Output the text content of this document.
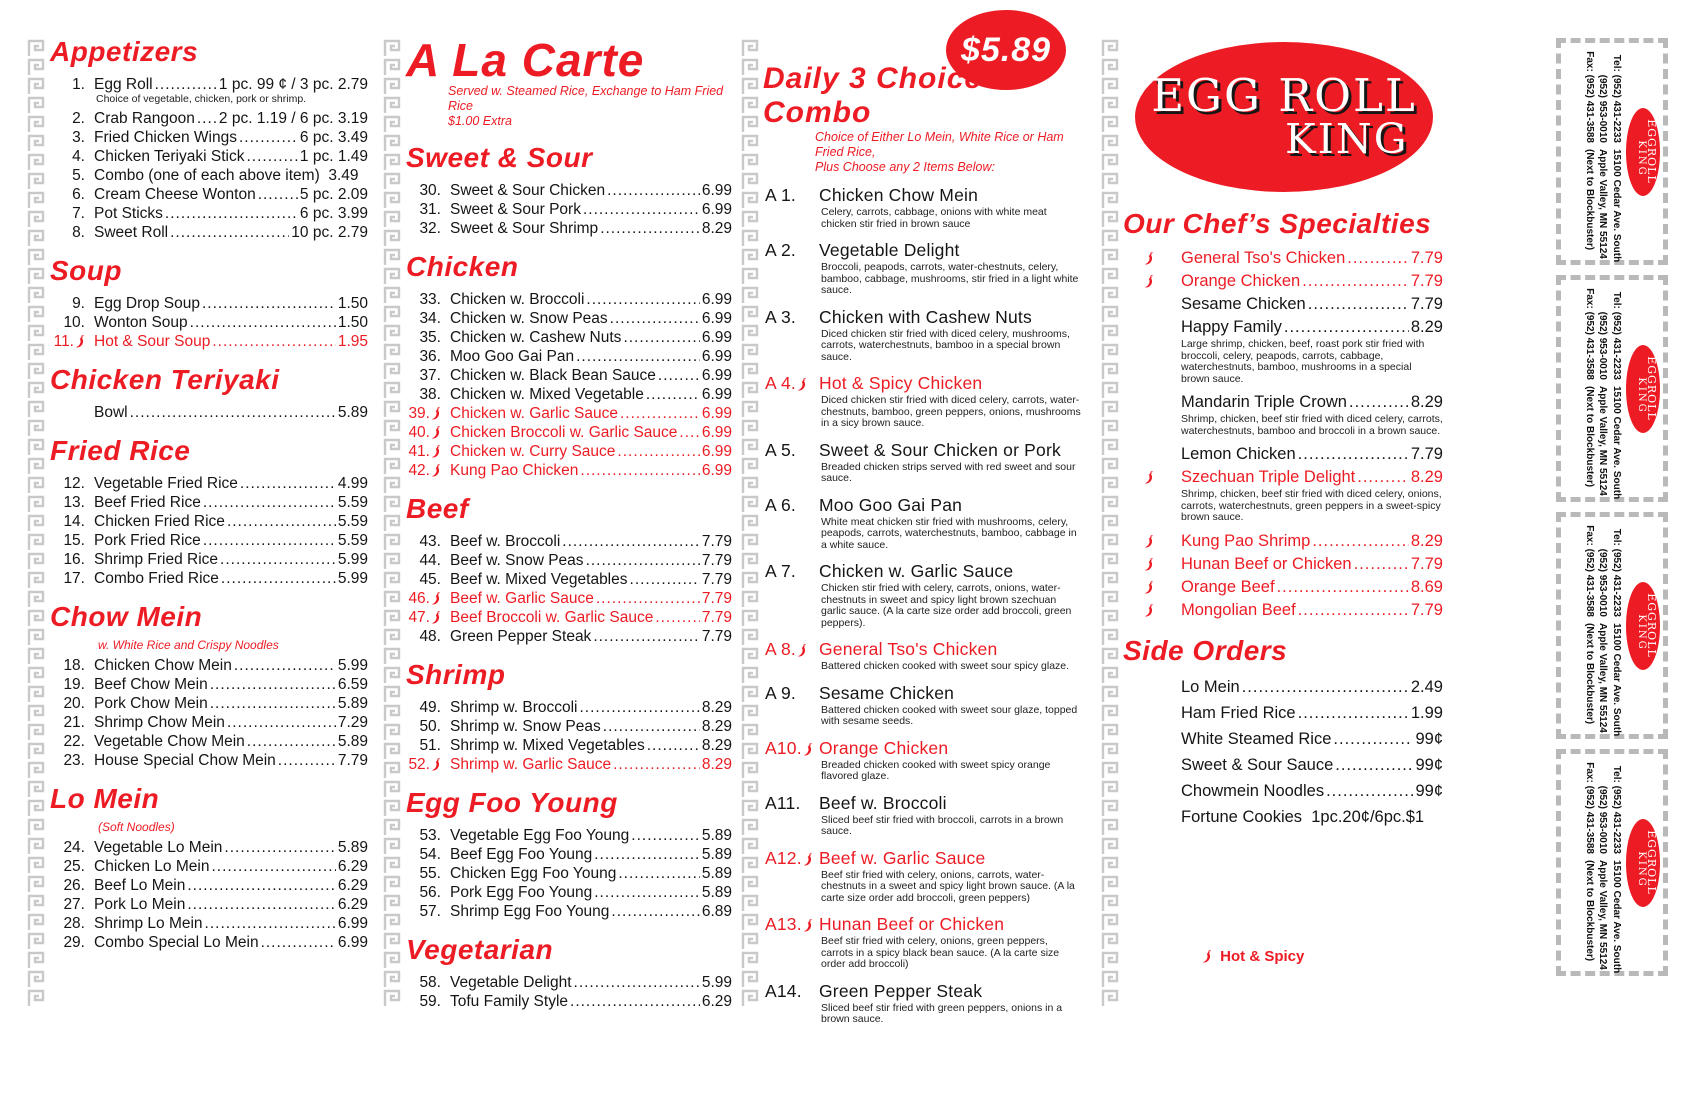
$5.89
Appetizers
1. Egg Roll .....	1 pc. 99 ¢ / 3 pc. 2.79
Choice of vegetable, chicken, pork or shrimp.
2. Crab Rangoon ..... 2 pc. 1.19 / 6 pc. 3.19
3. Fried Chicken Wings .....	6 pc. 3.49
4. Chicken Teriyaki Stick .....	1 pc. 1.49
5. Combo (one of each above item)
3.49
6. Cream Cheese Wonton .....	5 pc. 2.09
7. Pot Sticks .....	6 pc. 3.99
8. Sweet Roll .....	10 pc. 2.79
Soup
9. Egg Drop Soup .....	1.50
10. Wonton Soup .....	1.50
11.	Hot & Sour Soup .....	1.95
Chicken Teriyaki
Bowl .....	5.89
Fried Rice
12. Vegetable Fried Rice .....	4.99
13. Beef Fried Rice .....	5.59
14. Chicken Fried Rice .....	5.59
15. Pork Fried Rice .....	5.59
16. Shrimp Fried Rice .....	5.99
17. Combo Fried Rice .....	5.99
Chow Mein
w. White Rice and Crispy Noodles
18. Chicken Chow Mein .....	5.99
19. Beef Chow Mein .....	6.59
20. Pork Chow Mein .....	5.89
21. Shrimp Chow Mein .....	7.29
22. Vegetable Chow Mein .....	5.89
23. House Special Chow Mein .....	7.79
Lo Mein
(Soft Noodles)
24. Vegetable Lo Mein .....	5.89
25. Chicken Lo Mein .....	6.29
26. Beef Lo Mein .....	6.29
27. Pork Lo Mein .....	6.29
28. Shrimp Lo Mein .....	6.99
29. Combo Special Lo Mein .....	6.99
A La Carte
Served w. Steamed Rice, Exchange to Ham Fried Rice
$1.00 Extra
Sweet & Sour
30. Sweet & Sour Chicken .....	6.99
31. Sweet & Sour Pork .....	6.99
32. Sweet & Sour Shrimp .....	8.29
Chicken
33. Chicken w. Broccoli .....	6.99
34. Chicken w. Snow Peas .....	6.99
35. Chicken w. Cashew Nuts .....	6.99
36. Moo Goo Gai Pan .....	6.99
37. Chicken w. Black Bean Sauce .....	6.99
38. Chicken w. Mixed Vegetable .....	6.99
39.	Chicken w. Garlic Sauce .....	6.99
40.	Chicken Broccoli w. Garlic Sauce ..... 6.99
41.	Chicken w. Curry Sauce .....	6.99
42.	Kung Pao Chicken .....	6.99
Beef
43. Beef w. Broccoli .....	7.79
44. Beef w. Snow Peas .....	7.79
45. Beef w. Mixed Vegetables .....	7.79
46.	Beef w. Garlic Sauce .....	7.79
47.	Beef Broccoli w. Garlic Sauce .....	7.79
48. Green Pepper Steak .....	7.79
Shrimp
49. Shrimp w. Broccoli .....	8.29
50. Shrimp w. Snow Peas .....	8.29
51. Shrimp w. Mixed Vegetables .....	8.29
52.	Shrimp w. Garlic Sauce .....	8.29
Egg Foo Young
53. Vegetable Egg Foo Young .....	5.89
54. Beef Egg Foo Young .....	5.89
55. Chicken Egg Foo Young .....	5.89
56. Pork Egg Foo Young .....	5.89
57. Shrimp Egg Foo Young .....	6.89
Vegetarian
58. Vegetable Delight .....	5.99
59. Tofu Family Style .....	6.29
Daily 3 Choice Combo
Choice of Either Lo Mein, White Rice or Ham Fried Rice,
Plus Choose any 2 Items Below:
A 1.	Chicken Chow Mein
Celery, carrots, cabbage, onions with white meat chicken stir fried in brown sauce
A 2.	Vegetable Delight
Broccoli, peapods, carrots, water-chestnuts, celery, bamboo, cabbage, mushrooms, stir fried in a light white sauce.
A 3.	Chicken with Cashew Nuts
Diced chicken stir fried with diced celery, mushrooms, carrots, waterchestnuts, bamboo in a special brown sauce.
A 4.	Hot & Spicy Chicken
Diced chicken stir fried with diced celery, carrots, water-chestnuts, bamboo, green peppers, onions, mushrooms in a sicy brown sauce.
A 5.	Sweet & Sour Chicken or Pork
Breaded chicken strips served with red sweet and sour sauce.
A 6.	Moo Goo Gai Pan
White meat chicken stir fried with mushrooms, celery, peapods, carrots, waterchestnuts, bamboo, cabbage in a white sauce.
A 7.	Chicken w. Garlic Sauce
Chicken stir fried with celery, carrots, onions, water-chestnuts in sweet and spicy light brown szechuan garlic sauce. (A la carte size order add broccoli, green peppers).
A 8.	General Tso's Chicken
Battered chicken cooked with sweet sour spicy glaze.
A 9.	Sesame Chicken
Battered chicken cooked with sweet sour glaze, topped with sesame seeds.
A10. Orange Chicken
Breaded chicken cooked with sweet spicy orange flavored glaze.
A11.	Beef w. Broccoli
Sliced beef stir fried with broccoli, carrots in a brown sauce.
A12. Beef w. Garlic Sauce
Beef stir fried with celery, onions, carrots, water-chestnuts in a sweet and spicy light brown sauce. (A la carte size order add broccoli, green peppers)
A13. Hunan Beef or Chicken
Beef stir fried with celery, onions, green peppers, carrots in a spicy black bean sauce. (A la carte size order add broccoli)
A14. Green Pepper Steak
Sliced beef stir fried with green peppers, onions in a brown sauce.
EGG ROLL
KING
Our Chef’s Specialties
General Tso's Chicken .....	7.79
Orange Chicken .....	7.79
Sesame Chicken .....	7.79
Happy Family .....	8.29
Large shrimp, chicken, beef, roast pork stir fried with broccoli, celery, peapods, carrots, cabbage, waterchestnuts, bamboo, mushrooms in a special brown sauce.
Mandarin Triple Crown .....	8.29
Shrimp, chicken, beef stir fried with diced celery, carrots, waterchestnuts, bamboo and broccoli in a brown sauce.
Lemon Chicken .....	7.79
Szechuan Triple Delight .....	8.29
Shrimp, chicken, beef stir fried with diced celery, onions, carrots, waterchestnuts, green peppers in a sweet-spicy brown sauce.
Kung Pao Shrimp .....	8.29
Hunan Beef or Chicken .....	7.79
Orange Beef .....	8.69
Mongolian Beef .....	7.79
Side Orders
Lo Mein .....	2.49
Ham Fried Rice .....	1.99
White Steamed Rice .....	99¢
Sweet & Sour Sauce .....	99¢
Chowmein Noodles .....	99¢
Fortune Cookies
1pc.20¢/6pc.$1
Hot & Spicy
EGGROLL
KING
Tel: (952) 431-223315100 Cedar Ave. South
(952) 953-0010Apple Valley, MN 55124
Fax: (952) 431-3588(Next to Blockbuster)
EGGROLL
KING
Tel: (952) 431-223315100 Cedar Ave. South
(952) 953-0010Apple Valley, MN 55124
Fax: (952) 431-3588(Next to Blockbuster)
EGGROLL
KING
Tel: (952) 431-223315100 Cedar Ave. South
(952) 953-0010Apple Valley, MN 55124
Fax: (952) 431-3588(Next to Blockbuster)
EGGROLL
KING
Tel: (952) 431-223315100 Cedar Ave. South
(952) 953-0010Apple Valley, MN 55124
Fax: (952) 431-3588(Next to Blockbuster)
